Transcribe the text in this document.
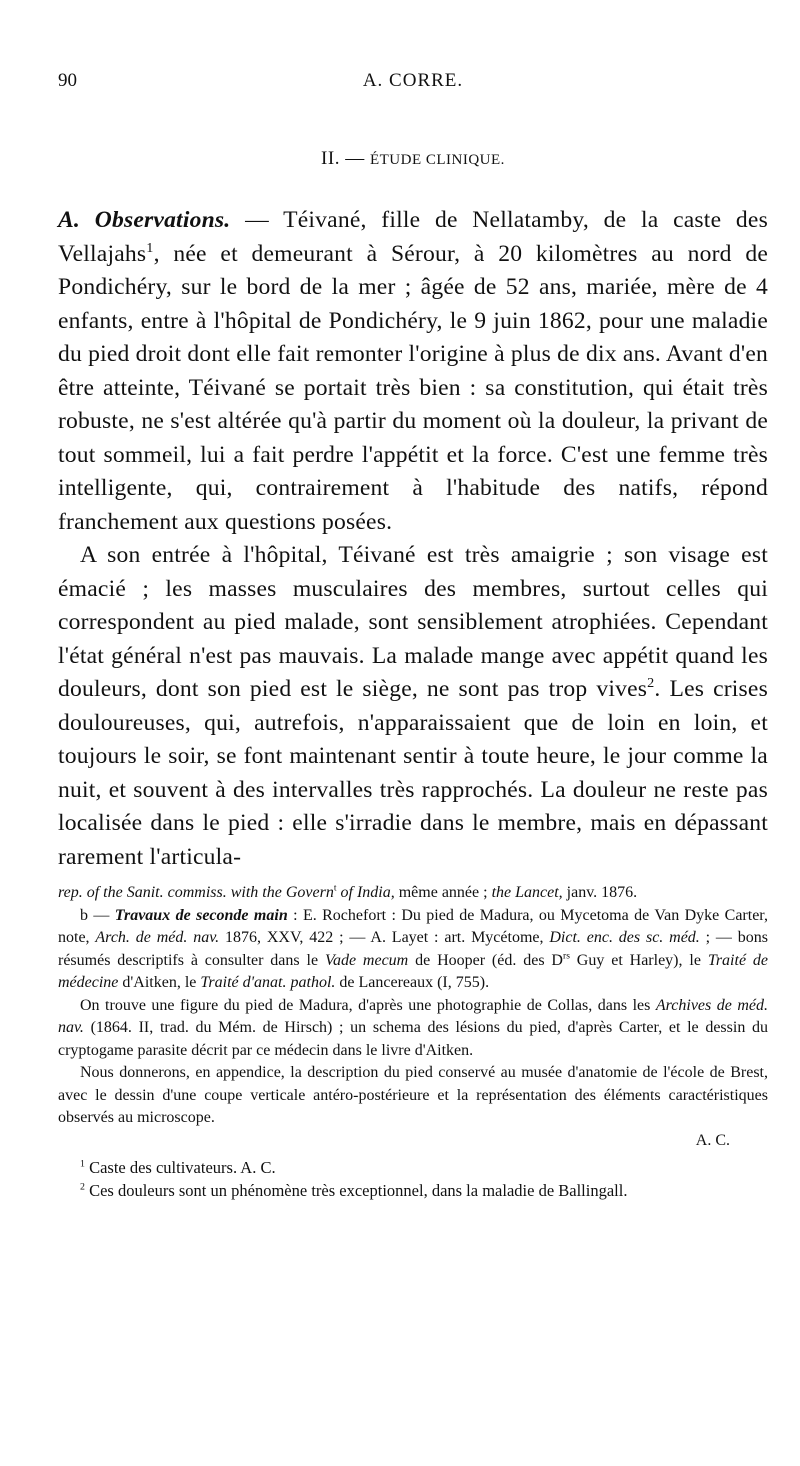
90	A. CORRE.
II. — ÉTUDE CLINIQUE.

A. Observations. — Téivané, fille de Nellatamby, de la caste des Vellajahs$^1$, née et demeurant à Sérour, à 20 kilomètres au nord de Pondichéry, sur le bord de la mer ; âgée de 52 ans, mariée, mère de 4 enfants, entre à l'hôpital de Pondichéry, le 9 juin 1862, pour une maladie du pied droit dont elle fait remonter l'origine à plus de dix ans. Avant d'en être atteinte, Téivané se portait très bien : sa constitution, qui était très robuste, ne s'est altérée qu'à partir du moment où la douleur, la privant de tout sommeil, lui a fait perdre l'appétit et la force. C'est une femme très intelligente, qui, contrairement à l'habitude des natifs, répond franchement aux questions posées.

A son entrée à l'hôpital, Téivané est très amaigrie ; son visage est émacié ; les masses musculaires des membres, surtout celles qui correspondent au pied malade, sont sensiblement atrophiées. Cependant l'état général n'est pas mauvais. La malade mange avec appétit quand les douleurs, dont son pied est le siège, ne sont pas trop vives$^2$. Les crises douloureuses, qui, autrefois, n'apparaissaient que de loin en loin, et toujours le soir, se font maintenant sentir à toute heure, le jour comme la nuit, et souvent à des intervalles très rapprochés. La douleur ne reste pas localisée dans le pied : elle s'irradie dans le membre, mais en dépassant rarement l'articula-

rep. of the Sanit. commiss. with the Govern$^t$ of India, même année ; the Lancet, janv. 1876.

b — Travaux de seconde main : E. Rochefort : Du pied de Madura, ou Mycetoma de Van Dyke Carter, note, Arch. de méd. nav. 1876, XXV, 422 ; — A. Layet : art. Mycétome, Dict. enc. des sc. méd. ; — bons résumés descriptifs à consulter dans le Vade mecum de Hooper (éd. des $D^{rs}$ Guy et Harley), le Traité de médecine d'Aitken, le Traité d'anat. pathol. de Lancereaux (I, 755).

On trouve une figure du pied de Madura, d'après une photographie de Collas, dans les Archives de méd. nav. (1864. II, trad. du Mém. de Hirsch) ; un schema des lésions du pied, d'après Carter, et le dessin du cryptogame parasite décrit par ce médecin dans le livre d'Aitken.

Nous donnerons, en appendice, la description du pied conservé au musée d'anatomie de l'école de Brest, avec le dessin d'une coupe verticale antéro-postérieure et la représentation des éléments caractéristiques observés au microscope.

A. C.

$^1$ Caste des cultivateurs. A. C.

$^2$ Ces douleurs sont un phénomène très exceptionnel, dans la maladie de Ballingall.
